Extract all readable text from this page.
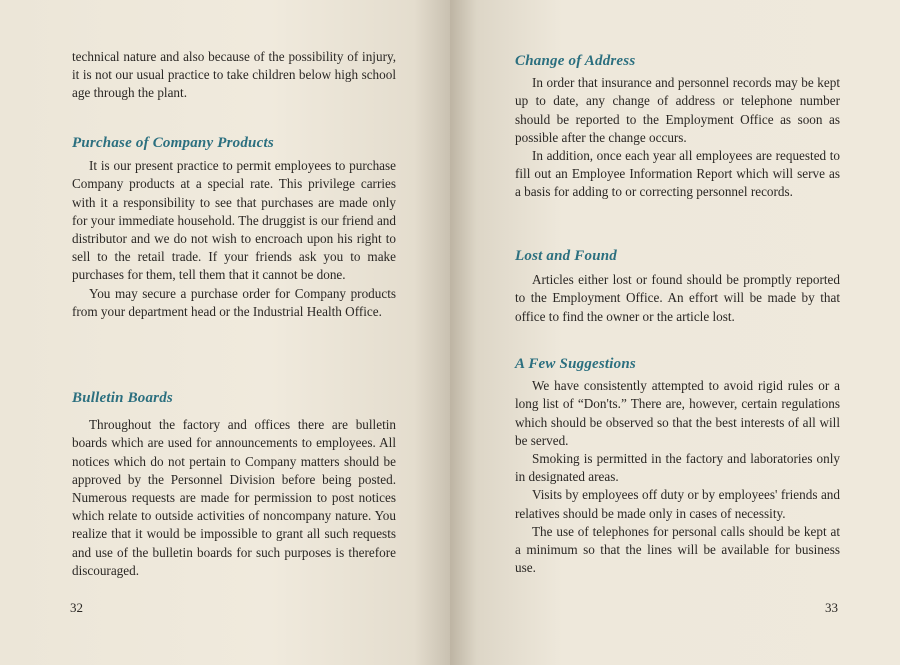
technical nature and also because of the possibility of injury, it is not our usual practice to take children below high school age through the plant.

Purchase of Company Products

It is our present practice to permit employees to purchase Company products at a special rate. This privilege carries with it a responsibility to see that purchases are made only for your immediate household. The druggist is our friend and distributor and we do not wish to encroach upon his right to sell to the retail trade. If your friends ask you to make purchases for them, tell them that it cannot be done.

You may secure a purchase order for Company products from your department head or the Industrial Health Office.

Bulletin Boards

Throughout the factory and offices there are bulletin boards which are used for announcements to employees. All notices which do not pertain to Company matters should be approved by the Personnel Division before being posted. Numerous requests are made for permission to post notices which relate to outside activities of noncompany nature. You realize that it would be impossible to grant all such requests and use of the bulletin boards for such purposes is therefore discouraged.

32
Change of Address

In order that insurance and personnel records may be kept up to date, any change of address or telephone number should be reported to the Employment Office as soon as possible after the change occurs.

In addition, once each year all employees are requested to fill out an Employee Information Report which will serve as a basis for adding to or correcting personnel records.

Lost and Found

Articles either lost or found should be promptly reported to the Employment Office. An effort will be made by that office to find the owner or the article lost.

A Few Suggestions

We have consistently attempted to avoid rigid rules or a long list of “Don'ts.” There are, however, certain regulations which should be observed so that the best interests of all will be served.

Smoking is permitted in the factory and laboratories only in designated areas.

Visits by employees off duty or by employees' friends and relatives should be made only in cases of necessity.

The use of telephones for personal calls should be kept at a minimum so that the lines will be available for business use.

33
